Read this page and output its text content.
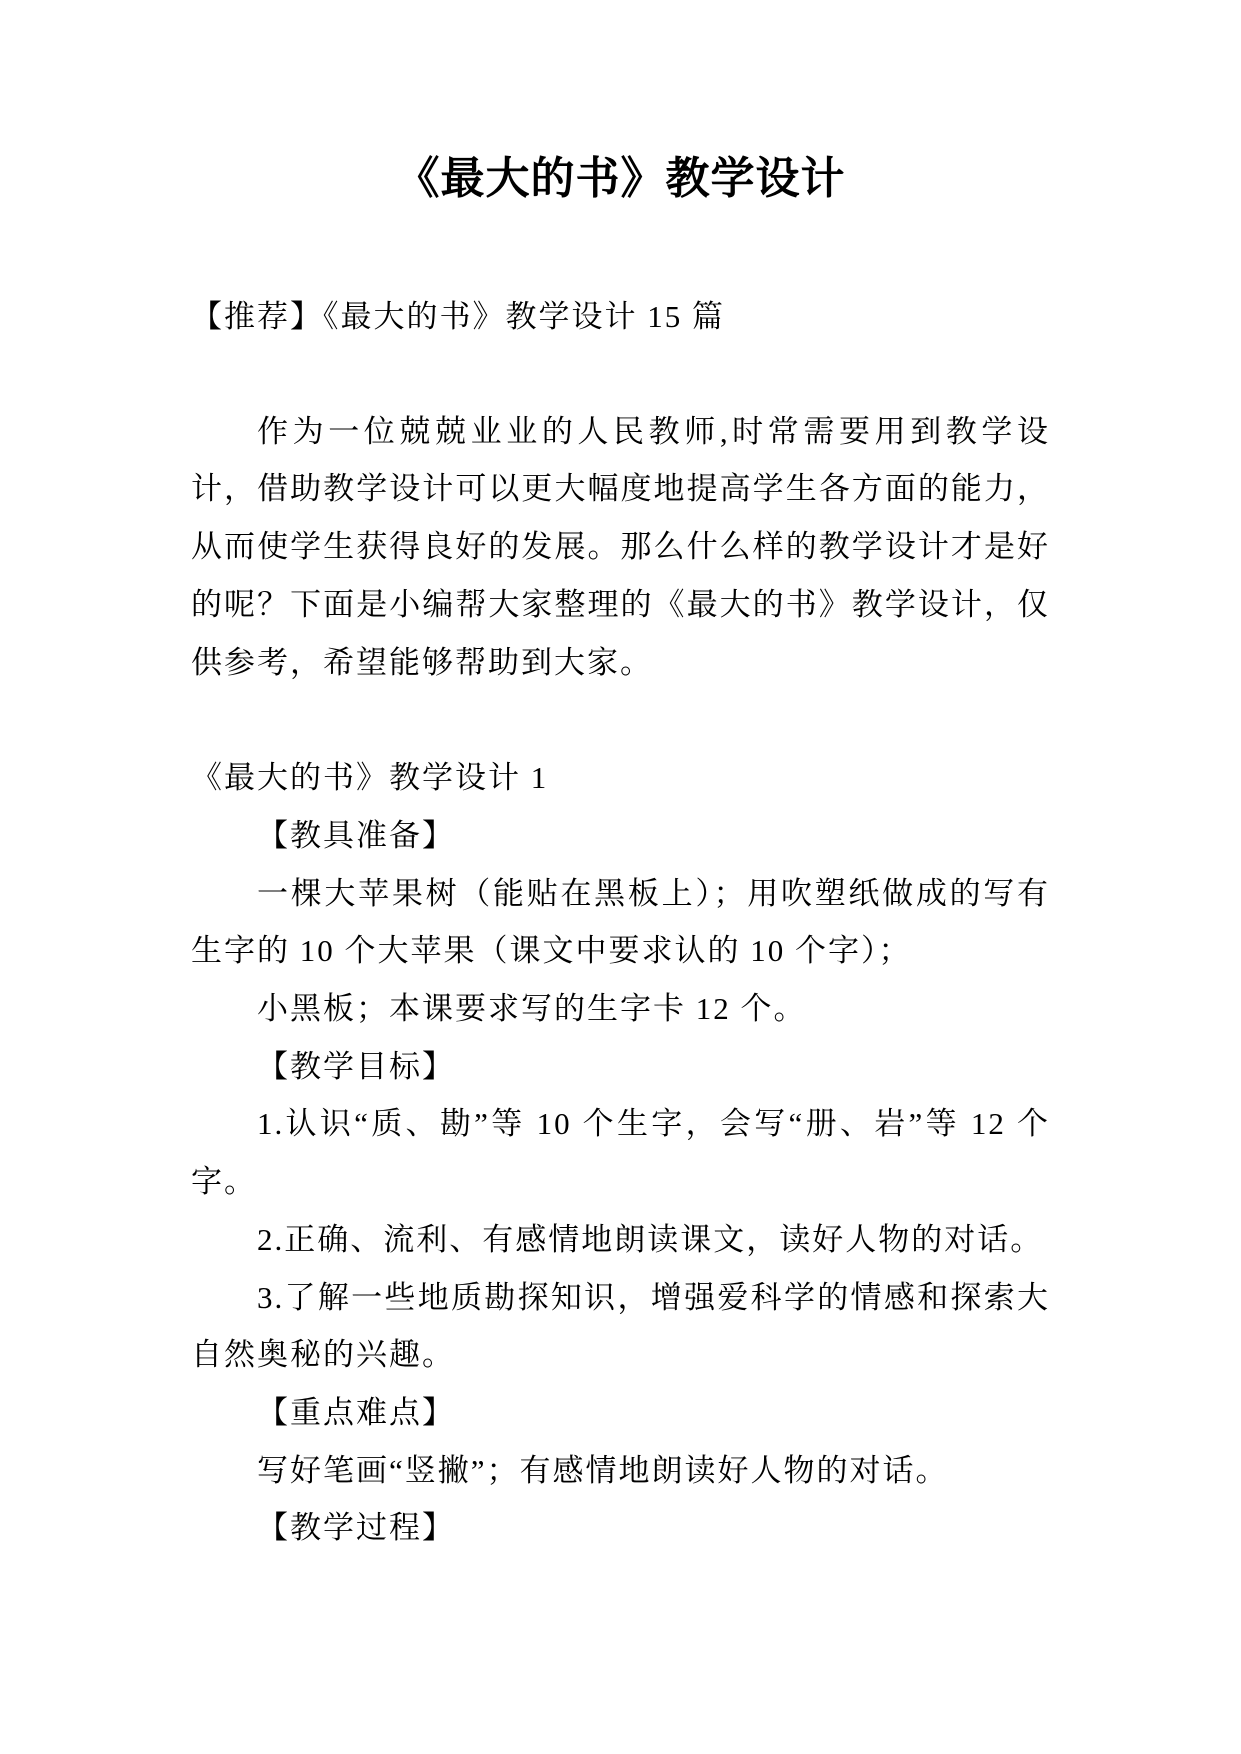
《最大的书》教学设计

【推荐】《最大的书》教学设计 15 篇

作为一位兢兢业业的人民教师,时常需要用到教学设计，借助教学设计可以更大幅度地提高学生各方面的能力，从而使学生获得良好的发展。那么什么样的教学设计才是好的呢？下面是小编帮大家整理的《最大的书》教学设计，仅供参考，希望能够帮助到大家。

《最大的书》教学设计 1

【教具准备】

一棵大苹果树（能贴在黑板上）；用吹塑纸做成的写有生字的 10 个大苹果（课文中要求认的 10 个字）；

小黑板；本课要求写的生字卡 12 个。

【教学目标】

1.认识“质、勘”等 10 个生字，会写“册、岩”等 12 个字。

2.正确、流利、有感情地朗读课文，读好人物的对话。

3.了解一些地质勘探知识，增强爱科学的情感和探索大自然奥秘的兴趣。

【重点难点】

写好笔画“竖撇”；有感情地朗读好人物的对话。

【教学过程】
